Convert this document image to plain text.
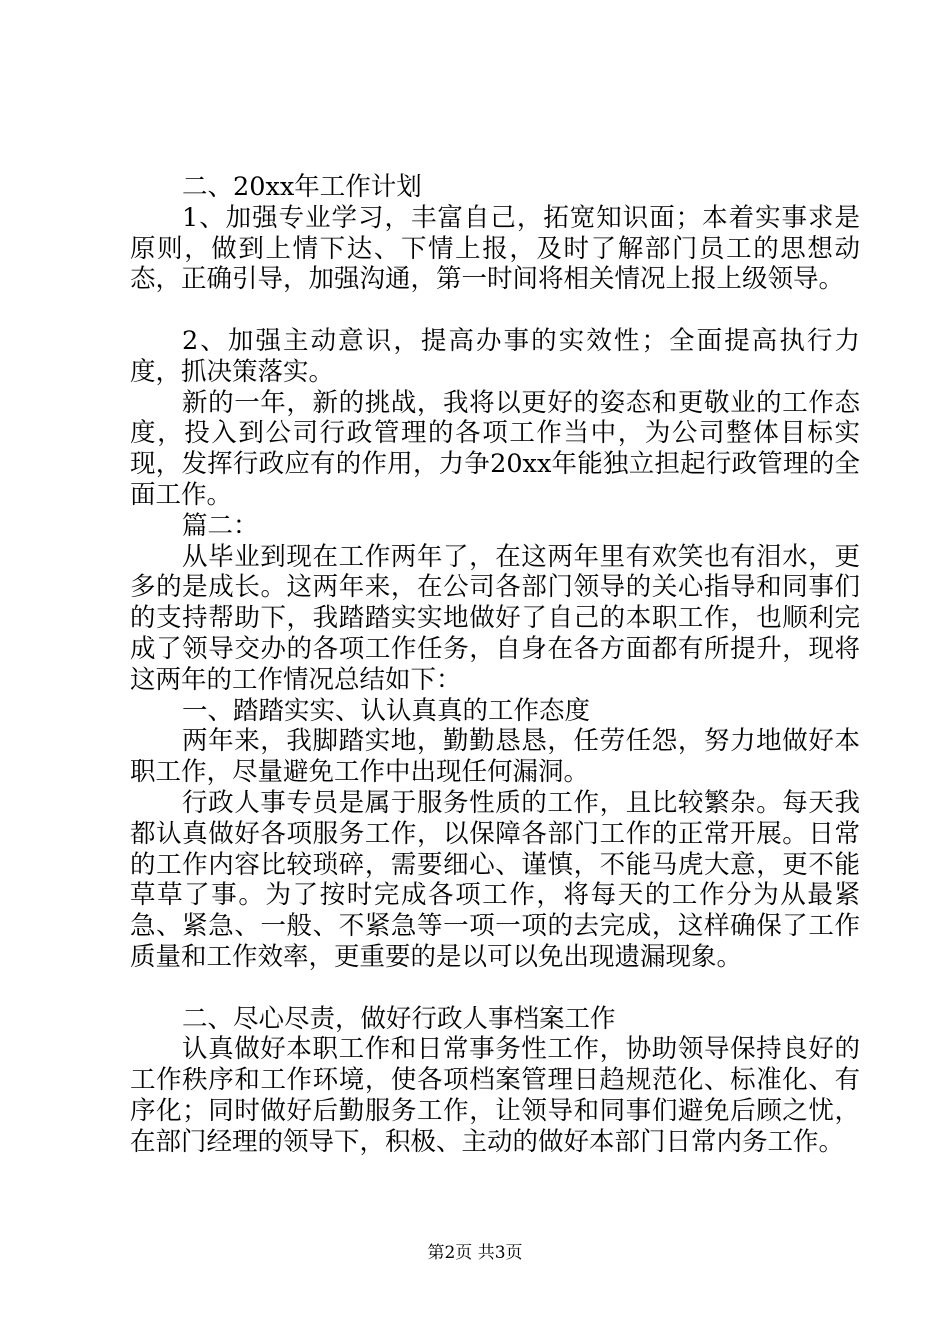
二、20xx年工作计划

1、加强专业学习，丰富自己，拓宽知识面；本着实事求是原则，做到上情下达、下情上报，及时了解部门员工的思想动态，正确引导，加强沟通，第一时间将相关情况上报上级领导。

2、加强主动意识，提高办事的实效性；全面提高执行力度，抓决策落实。

新的一年，新的挑战，我将以更好的姿态和更敬业的工作态度，投入到公司行政管理的各项工作当中，为公司整体目标实现，发挥行政应有的作用，力争20xx年能独立担起行政管理的全面工作。

篇二：

从毕业到现在工作两年了，在这两年里有欢笑也有泪水，更多的是成长。这两年来，在公司各部门领导的关心指导和同事们的支持帮助下，我踏踏实实地做好了自己的本职工作，也顺利完成了领导交办的各项工作任务，自身在各方面都有所提升，现将这两年的工作情况总结如下：

一、踏踏实实、认认真真的工作态度

两年来，我脚踏实地，勤勤恳恳，任劳任怨，努力地做好本职工作，尽量避免工作中出现任何漏洞。

行政人事专员是属于服务性质的工作，且比较繁杂。每天我都认真做好各项服务工作，以保障各部门工作的正常开展。日常的工作内容比较琐碎，需要细心、谨慎，不能马虎大意，更不能草草了事。为了按时完成各项工作，将每天的工作分为从最紧急、紧急、一般、不紧急等一项一项的去完成，这样确保了工作质量和工作效率，更重要的是以可以免出现遗漏现象。

二、尽心尽责，做好行政人事档案工作

认真做好本职工作和日常事务性工作，协助领导保持良好的工作秩序和工作环境，使各项档案管理日趋规范化、标准化、有序化；同时做好后勤服务工作，让领导和同事们避免后顾之忧，在部门经理的领导下，积极、主动的做好本部门日常内务工作。

第2页 共3页
